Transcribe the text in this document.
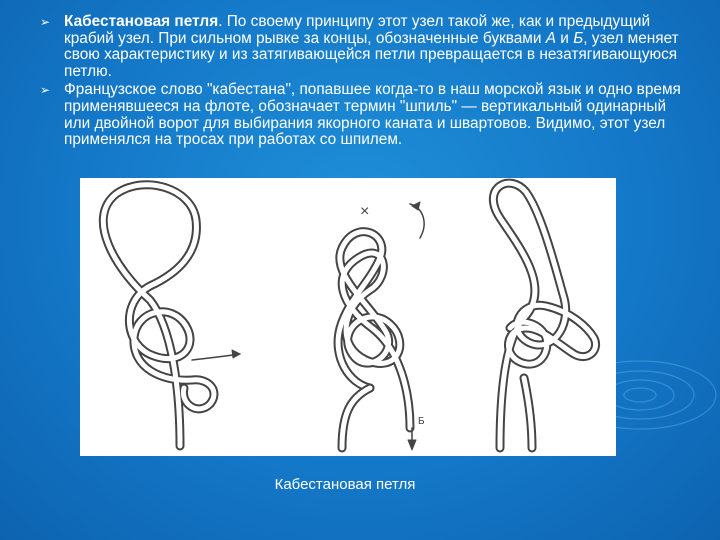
➢ Кабестановая петля. По своему принципу этот узел такой же, как и предыдущий крабий узел. При сильном рывке за концы, обозначенные буквами А и Б, узел меняет свою характеристику и из затягивающейся петли превращается в незатягивающуюся петлю.
➢ Французское слово "кабестана", попавшее когда-то в наш морской язык и одно время применявшееся на флоте, обозначает термин "шпиль" — вертикальный одинарный или двойной ворот для выбирания якорного каната и швартовов. Видимо, этот узел применялся на тросах при работах со шпилем.
×
Б
Кабестановая петля
